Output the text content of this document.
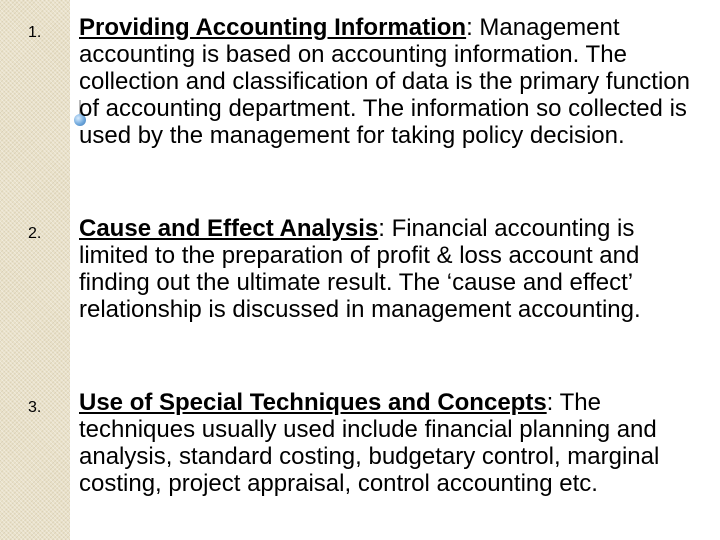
1. Providing Accounting Information: Management accounting is based on accounting information. The collection and classification of data is the primary function of accounting department. The information so collected is used by the management for taking policy decision.
2. Cause and Effect Analysis: Financial accounting is limited to the preparation of profit & loss account and finding out the ultimate result. The ‘cause and effect’ relationship is discussed in management accounting.
3. Use of Special Techniques and Concepts: The techniques usually used include financial planning and analysis, standard costing, budgetary control, marginal costing, project appraisal, control accounting etc.
